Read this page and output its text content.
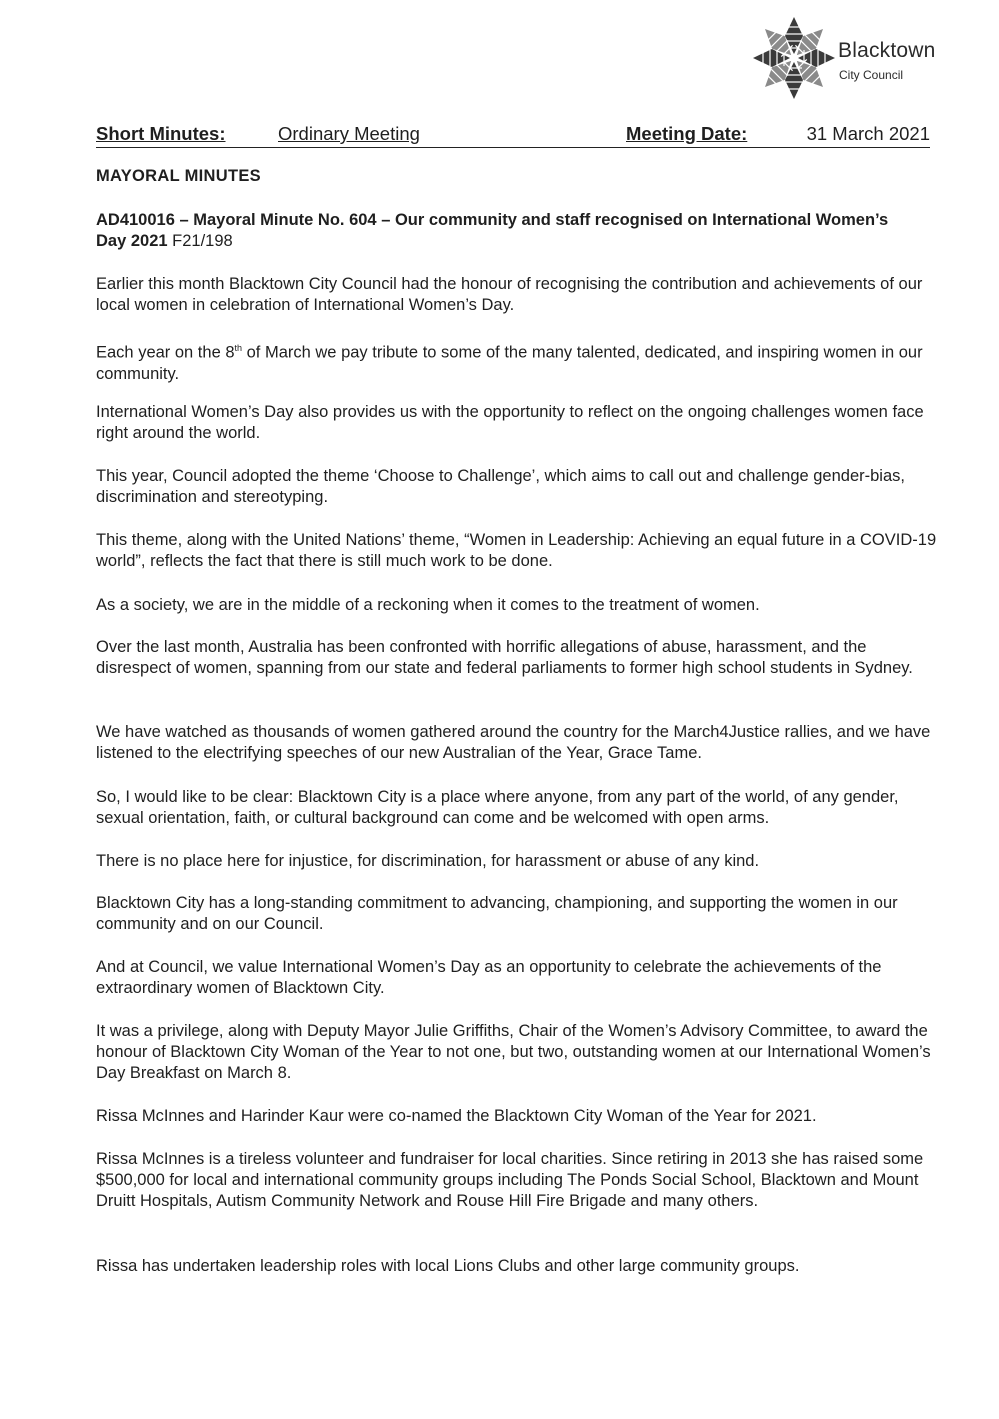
Blacktown
City Council
Short Minutes:	Ordinary Meeting	Meeting Date:	31 March 2021
MAYORAL MINUTES
AD410016 – Mayoral Minute No. 604 – Our community and staff recognised on International Women’s Day 2021 F21/198

Earlier this month Blacktown City Council had the honour of recognising the contribution and achievements of our local women in celebration of International Women’s Day.

Each year on the 8th of March we pay tribute to some of the many talented, dedicated, and inspiring women in our community.

International Women’s Day also provides us with the opportunity to reflect on the ongoing challenges women face right around the world.

This year, Council adopted the theme ‘Choose to Challenge’, which aims to call out and challenge gender-bias, discrimination and stereotyping.

This theme, along with the United Nations’ theme, “Women in Leadership: Achieving an equal future in a COVID-19 world”, reflects the fact that there is still much work to be done.

As a society, we are in the middle of a reckoning when it comes to the treatment of women.

Over the last month, Australia has been confronted with horrific allegations of abuse, harassment, and the disrespect of women, spanning from our state and federal parliaments to former high school students in Sydney.

We have watched as thousands of women gathered around the country for the March4Justice rallies, and we have listened to the electrifying speeches of our new Australian of the Year, Grace Tame.

So, I would like to be clear: Blacktown City is a place where anyone, from any part of the world, of any gender, sexual orientation, faith, or cultural background can come and be welcomed with open arms.

There is no place here for injustice, for discrimination, for harassment or abuse of any kind.

Blacktown City has a long-standing commitment to advancing, championing, and supporting the women in our community and on our Council.

And at Council, we value International Women’s Day as an opportunity to celebrate the achievements of the extraordinary women of Blacktown City.

It was a privilege, along with Deputy Mayor Julie Griffiths, Chair of the Women’s Advisory Committee, to award the honour of Blacktown City Woman of the Year to not one, but two, outstanding women at our International Women’s Day Breakfast on March 8.

Rissa McInnes and Harinder Kaur were co-named the Blacktown City Woman of the Year for 2021.

Rissa McInnes is a tireless volunteer and fundraiser for local charities. Since retiring in 2013 she has raised some $500,000 for local and international community groups including The Ponds Social School, Blacktown and Mount Druitt Hospitals, Autism Community Network and Rouse Hill Fire Brigade and many others.

Rissa has undertaken leadership roles with local Lions Clubs and other large community groups.
